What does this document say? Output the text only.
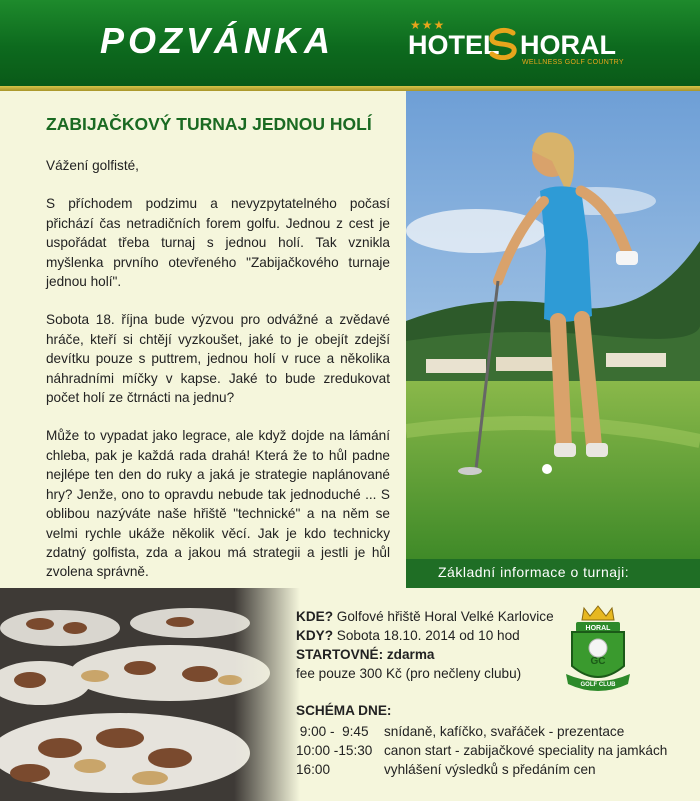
POZVÁNKA	★★★
HOTEL HORAL
WELLNESS GOLF COUNTRY
ZABIJAČKOVÝ TURNAJ JEDNOU HOLÍ

Vážení golfisté,

S příchodem podzimu a nevyzpytatelného počasí přichází čas netradičních forem golfu. Jednou z cest je uspořádat třeba turnaj s jednou holí. Tak vznikla myšlenka prvního otevřeného "Zabijačkového turnaje jednou holí".

Sobota 18. října bude výzvou pro odvážné a zvědavé hráče, kteří si chtějí vyzkoušet, jaké to je obejít zdejší devítku pouze s puttrem, jednou holí v ruce a několika náhradními míčky v kapse. Jaké to bude zredukovat počet holí ze čtrnácti na jednu?

Může to vypadat jako legrace, ale když dojde na lámání chleba, pak je každá rada drahá! Která že to hůl padne nejlépe ten den do ruky a jaká je strategie naplánované hry? Jenže, ono to opravdu nebude tak jednoduché ... S oblibou nazýváte naše hřiště "technické" a na něm se velmi rychle ukáže několik věcí. Jak je kdo technicky zdatný golfista, zda a jakou má strategii a jestli je hůl zvolena správně.	Základní informace o turnaji:
KDE? Golfové hřiště Horal Velké Karlovice
KDY? Sobota 18.10. 2014 od 10 hod
STARTOVNÉ: zdarma
fee pouze 300 Kč (pro nečleny clubu)
SCHÉMA DNE:
9:00 -  9:45 snídaně, kafíčko, svařáček - prezentace
10:00 -15:30 canon start - zabijačkové speciality na jamkách
16:00	vyhlášení výsledků s předáním cen
HORAL
GC
GOLF CLUB
